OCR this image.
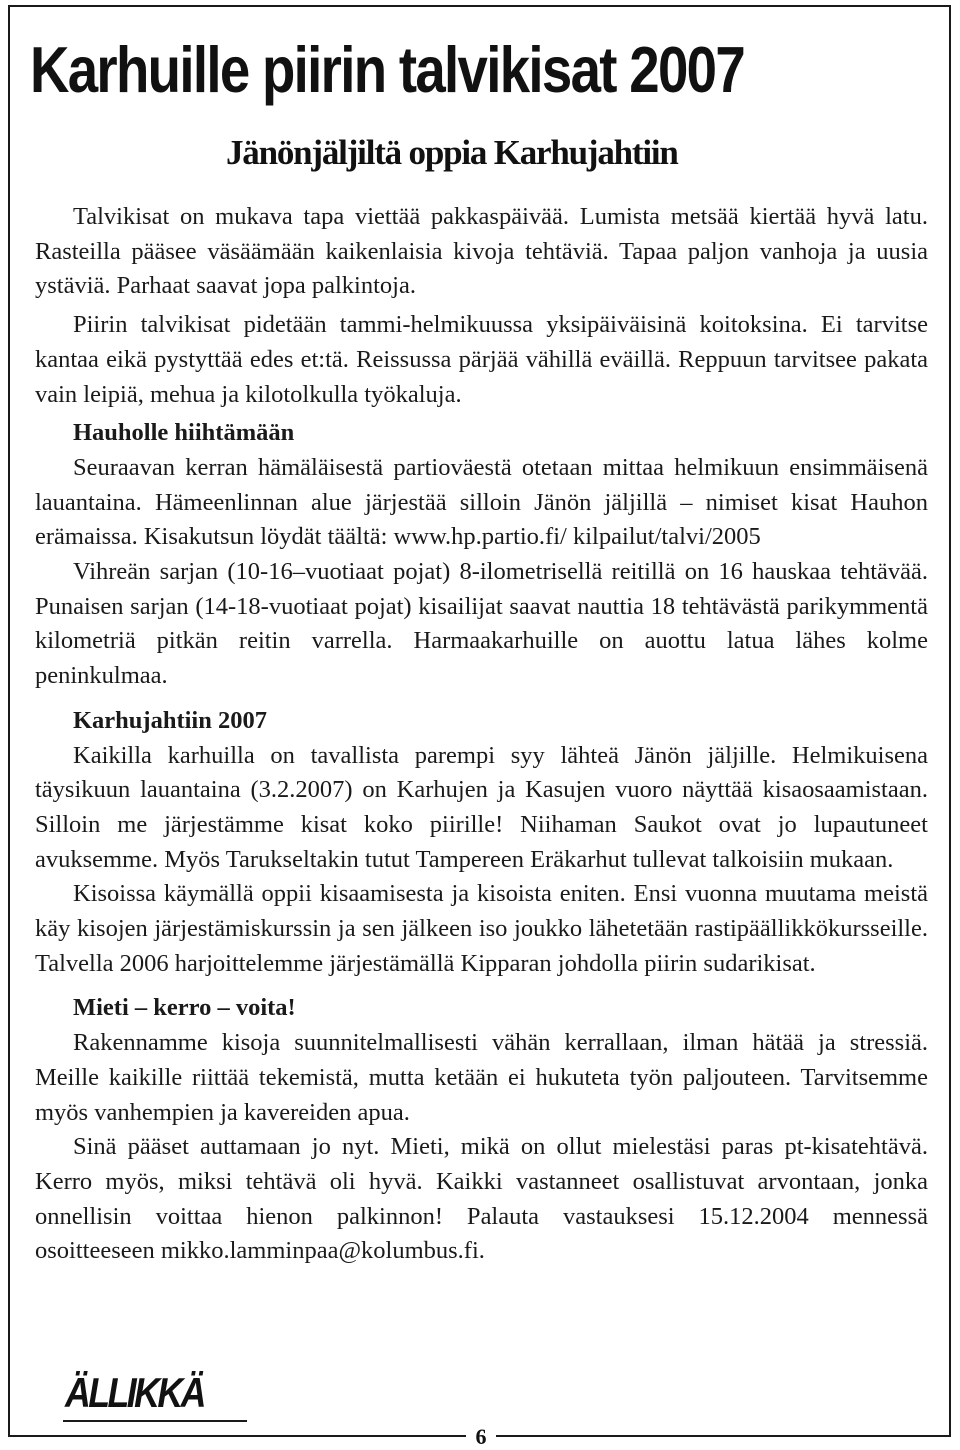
Karhuille piirin talvikisat 2007
Jänönjäljiltä oppia Karhujahtiin

Talvikisat on mukava tapa viettää pakkaspäivää. Lumista metsää kiertää hyvä latu. Rasteilla pääsee väsäämään kaikenlaisia kivoja tehtäviä. Tapaa paljon vanhoja ja uusia ystäviä. Parhaat saavat jopa palkintoja.

Piirin talvikisat pidetään tammi-helmikuussa yksipäiväisinä koitoksina. Ei tarvitse kantaa eikä pystyttää edes et:tä. Reissussa pärjää vähillä eväillä. Reppuun tarvitsee pakata vain leipiä, mehua ja kilotolkulla työkaluja.

Hauholle hiihtämään

Seuraavan kerran hämäläisestä partioväestä otetaan mittaa helmikuun ensimmäisenä lauantaina. Hämeenlinnan alue järjestää silloin Jänön jäljillä – nimiset kisat Hauhon erämaissa. Kisakutsun löydät täältä: www.hp.partio.fi/ kilpailut/talvi/2005

Vihreän sarjan (10-16–vuotiaat pojat) 8-ilometrisellä reitillä on 16 hauskaa tehtävää. Punaisen sarjan (14-18-vuotiaat pojat) kisailijat saavat nauttia 18 tehtävästä parikymmentä kilometriä pitkän reitin varrella. Harmaakarhuille on auottu latua lähes kolme peninkulmaa.

Karhujahtiin 2007

Kaikilla karhuilla on tavallista parempi syy lähteä Jänön jäljille. Helmikuisena täysikuun lauantaina (3.2.2007) on Karhujen ja Kasujen vuoro näyttää kisaosaamistaan. Silloin me järjestämme kisat koko piirille! Niihaman Saukot ovat jo lupautuneet avuksemme. Myös Tarukseltakin tutut Tampereen Eräkarhut tullevat talkoisiin mukaan.

Kisoissa käymällä oppii kisaamisesta ja kisoista eniten. Ensi vuonna muutama meistä käy kisojen järjestämiskurssin ja sen jälkeen iso joukko lähetetään rastipäällikkökursseille. Talvella 2006 harjoittelemme järjestämällä Kipparan johdolla piirin sudarikisat.

Mieti – kerro – voita!

Rakennamme kisoja suunnitelmallisesti vähän kerrallaan, ilman hätää ja stressiä. Meille kaikille riittää tekemistä, mutta ketään ei hukuteta työn paljouteen. Tarvitsemme myös vanhempien ja kavereiden apua.

Sinä pääset auttamaan jo nyt. Mieti, mikä on ollut mielestäsi paras pt-kisatehtävä. Kerro myös, miksi tehtävä oli hyvä. Kaikki vastanneet osallistuvat arvontaan, jonka onnellisin voittaa hienon palkinnon! Palauta vastauksesi 15.12.2004 mennessä osoitteeseen mikko.lamminpaa@kolumbus.fi.

ÄLLIKKÄ
6
